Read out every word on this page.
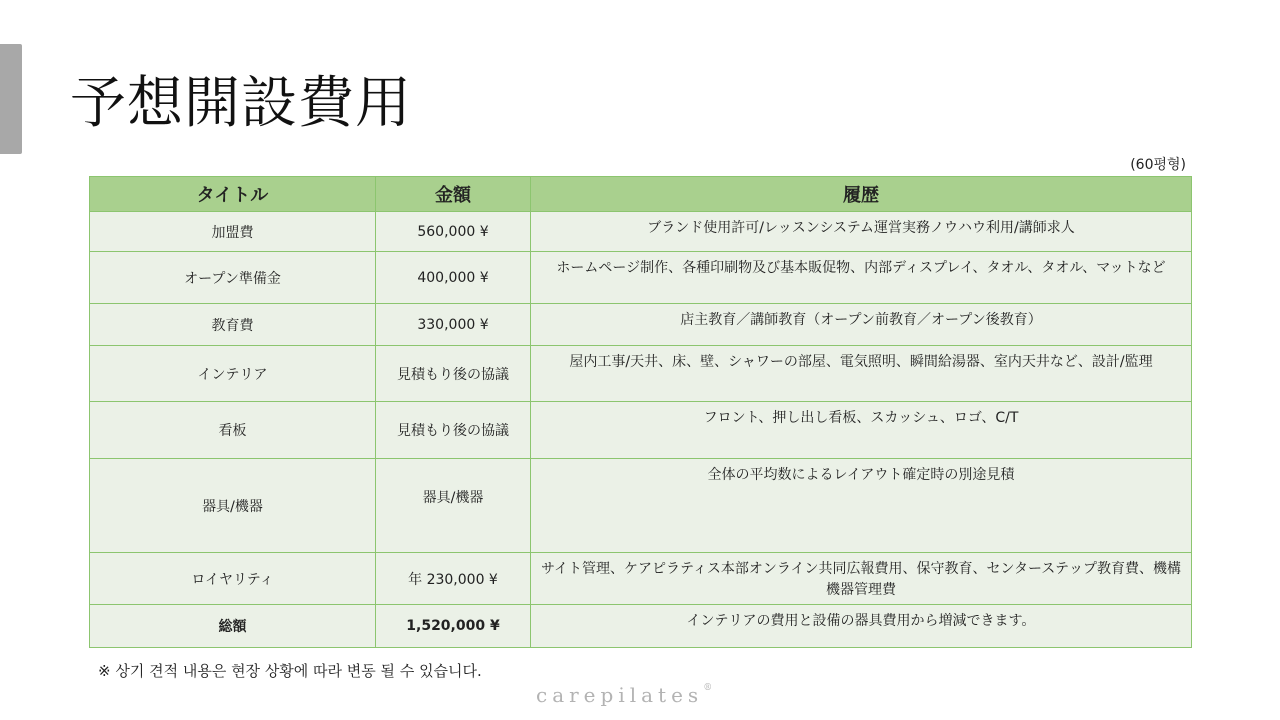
予想開設費用
(60평형)
タイトル	金額	履歴
加盟費	560,000 ¥	ブランド使用許可/レッスンシステム運営実務ノウハウ利用/講師求人
オープン準備金	400,000 ¥	ホームページ制作、各種印刷物及び基本販促物、内部ディスプレイ、タオル、タオル、マットなど
教育費	330,000 ¥	店主教育／講師教育（オープン前教育／オープン後教育）
インテリア	見積もり後の協議	屋内工事/天井、床、壁、シャワーの部屋、電気照明、瞬間給湯器、室内天井など、設計/監理
看板	見積もり後の協議	フロント、押し出し看板、スカッシュ、ロゴ、C/T
器具/機器	器具/機器	全体の平均数によるレイアウト確定時の別途見積
ロイヤリティ	年 230,000 ¥	サイト管理、ケアピラティス本部オンライン共同広報費用、保守教育、センターステップ教育費、機構機器管理費
総額	1,520,000 ¥	インテリアの費用と設備の器具費用から増減できます。
※ 상기 견적 내용은 현장 상황에 따라 변동 될 수 있습니다.
carepilates®
